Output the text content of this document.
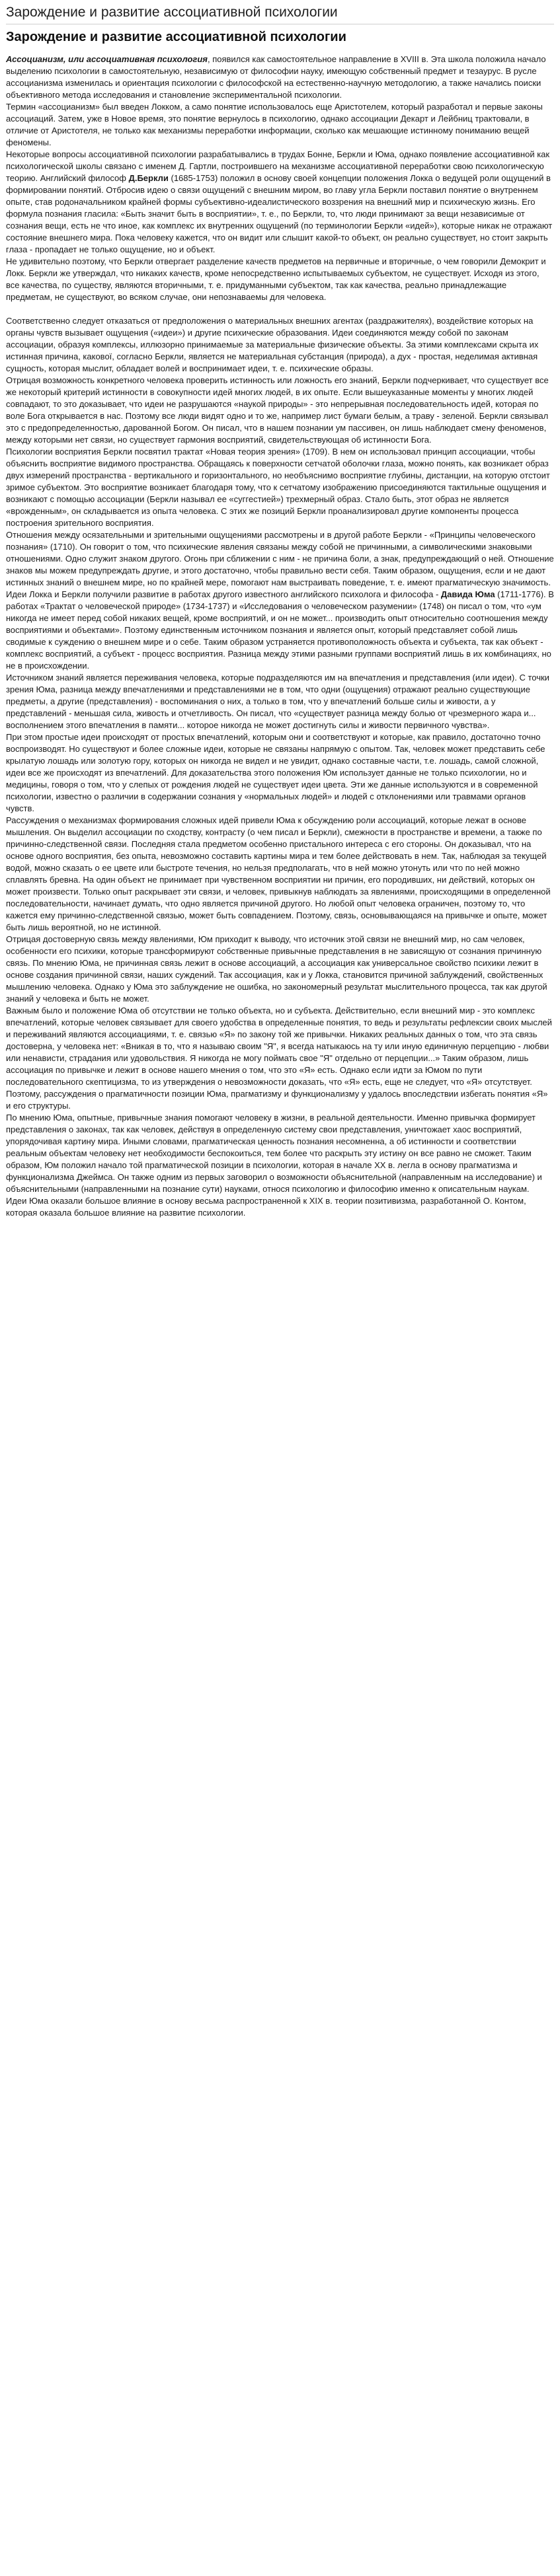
Зарождение и развитие ассоциативной психологии
Зарождение и развитие ассоциативной психологии

Ассоцианизм, или ассоциативная психология, появился как самостоятельное направление в XVIII в. Эта школа положила начало выделению психологии в самостоятельную, независимую от философии науку, имеющую собственный предмет и тезаурус. В русле ассоцианизма изменилась и ориентация психологии с философской на естественно-научную методологию, а также начались поиски объективного метода исследования и становление экспериментальной психологии.

Термин «ассоцианизм» был введен Локком, а само понятие использовалось еще Аристотелем, который разработал и первые законы ассоциаций. Затем, уже в Новое время, это понятие вернулось в психологию, однако ассоциации Декарт и Лейбниц трактовали, в отличие от Аристотеля, не только как механизмы переработки информации, сколько как мешающие истинному пониманию вещей феномены.

Некоторые вопросы ассоциативной психологии разрабатывались в трудах Бонне, Беркли и Юма, однако появление ассоциативной как психологической школы связано с именем Д. Гартли, построившего на механизме ассоциативной переработки свою психологическую теорию. Английский философ Д.Беркли (1685-1753) положил в основу своей концепции положения Локка о ведущей роли ощущений в формировании понятий. Отбросив идею о связи ощущений с внешним миром, во главу угла Беркли поставил понятие о внутреннем опыте, став родоначальником крайней формы субъективно-идеалистического воззрения на внешний мир и психическую жизнь. Его формула познания гласила: «Быть значит быть в восприятии», т. е., по Беркли, то, что люди принимают за вещи независимые от сознания вещи, есть не что иное, как комплекс их внутренних ощущений (по терминологии Беркли «идей»), которые никак не отражают состояние внешнего мира. Пока человеку кажется, что он видит или слышит какой-то объект, он реально существует, но стоит закрыть глаза - пропадает не только ощущение, но и объект.

Не удивительно поэтому, что Беркли отвергает разделение качеств предметов на первичные и вторичные, о чем говорили Демокрит и Локк. Беркли же утверждал, что никаких качеств, кроме непосредственно испытываемых субъектом, не существует. Исходя из этого, все качества, по существу, являются вторичными, т. е. придуманными субъектом, так как качества, реально принадлежащие предметам, не существуют, во всяком случае, они непознаваемы для человека.

Соответственно следует отказаться от предположения о материальных внешних агентах (раздражителях), воздействие которых на органы чувств вызывает ощущения («идеи») и другие психические образования. Идеи соединяются между собой по законам ассоциации, образуя комплексы, иллюзорно принимаемые за материальные физические объекты. За этими комплексами скрыта их истинная причина, какової, согласно Беркли, является не материальная субстанция (природа), а дух - простая, неделимая активная сущность, которая мыслит, обладает волей и воспринимает идеи, т. е. психические образы.

Отрицая возможность конкретного человека проверить истинность или ложность его знаний, Беркли подчеркивает, что существует все же некоторый критерий истинности в совокупности идей многих людей, в их опыте. Если вышеуказанные моменты у многих людей совпадают, то это доказывает, что идеи не разрушаются «наукой природы» - это непрерывная последовательность идей, которая по воле Бога открывается в нас. Поэтому все люди видят одно и то же, например лист бумаги белым, а траву - зеленой. Беркли связывал это с предопределенностью, дарованной Богом. Он писал, что в нашем познании ум пассивен, он лишь наблюдает смену феноменов, между которыми нет связи, но существует гармония восприятий, свидетельствующая об истинности Бога.

Психологии восприятия Беркли посвятил трактат «Новая теория зрения» (1709). В нем он использовал принцип ассоциации, чтобы объяснить восприятие видимого пространства. Обращаясь к поверхности сетчатой оболочки глаза, можно понять, как возникает образ двух измерений пространства - вертикального и горизонтального, но необъяснимо восприятие глубины, дистанции, на которую отстоит зримое субъектом. Это восприятие возникает благодаря тому, что к сетчатому изображению присоединяются тактильные ощущения и возникают с помощью ассоциации (Беркли называл ее «суггестией») трехмерный образ. Стало быть, этот образ не является «врожденным», он складывается из опыта человека. С этих же позиций Беркли проанализировал другие компоненты процесса построения зрительного восприятия.

Отношения между осязательными и зрительными ощущениями рассмотрены и в другой работе Беркли - «Принципы человеческого познания» (1710). Он говорит о том, что психические явления связаны между собой не причинными, а символическими знаковыми отношениями. Одно служит знаком другого. Огонь при сближении с ним - не причина боли, а знак, предупреждающий о ней. Отношение знаков мы можем предупреждать другие, и этого достаточно, чтобы правильно вести себя. Таким образом, ощущения, если и не дают истинных знаний о внешнем мире, но по крайней мере, помогают нам выстраивать поведение, т. е. имеют прагматическую значимость.

Идеи Локка и Беркли получили развитие в работах другого известного английского психолога и философа - Давида Юма (1711-1776). В работах «Трактат о человеческой природе» (1734-1737) и «Исследования о человеческом разумении» (1748) он писал о том, что «ум никогда не имеет перед собой никаких вещей, кроме восприятий, и он не может... производить опыт относительно соотношения между восприятиями и объектами». Поэтому единственным источником познания и является опыт, который представляет собой лишь сводимые к суждению о внешнем мире и о себе. Таким образом устраняется противоположность объекта и субъекта, так как объект - комплекс восприятий, а субъект - процесс восприятия. Разница между этими разными группами восприятий лишь в их комбинациях, но не в происхождении.

Источником знаний является переживания человека, которые подразделяются им на впечатления и представления (или идеи). С точки зрения Юма, разница между впечатлениями и представлениями не в том, что одни (ощущения) отражают реально существующие предметы, а другие (представления) - воспоминания о них, а только в том, что у впечатлений больше силы и живости, а у представлений - меньшая сила, живость и отчетливость. Он писал, что «существует разница между болью от чрезмерного жара и... восполнением этого впечатления в памяти... которое никогда не может достигнуть силы и живости первичного чувства».

При этом простые идеи происходят от простых впечатлений, которым они и соответствуют и которые, как правило, достаточно точно воспроизводят. Но существуют и более сложные идеи, которые не связаны напрямую с опытом. Так, человек может представить себе крылатую лошадь или золотую гору, которых он никогда не видел и не увидит, однако составные части, т.е. лошадь, самой сложной, идеи все же происходят из впечатлений. Для доказательства этого положения Юм использует данные не только психологии, но и медицины, говоря о том, что у слепых от рождения людей не существует идеи цвета. Эти же данные используются и в современной психологии, известно о различии в содержании сознания у «нормальных людей» и людей с отклонениями или травмами органов чувств.

Рассуждения о механизмах формирования сложных идей привели Юма к обсуждению роли ассоциаций, которые лежат в основе мышления. Он выделил ассоциации по сходству, контрасту (о чем писал и Беркли), смежности в пространстве и времени, а также по причинно-следственной связи. Последняя стала предметом особенно пристального интереса с его стороны. Он доказывал, что на основе одного восприятия, без опыта, невозможно составить картины мира и тем более действовать в нем. Так, наблюдая за текущей водой, можно сказать о ее цвете или быстроте течения, но нельзя предполагать, что в ней можно утонуть или что по ней можно сплавлять бревна. На один объект не принимает при чувственном восприятии ни причин, его породивших, ни действий, которых он может произвести. Только опыт раскрывает эти связи, и человек, привыкнув наблюдать за явлениями, происходящими в определенной последовательности, начинает думать, что одно является причиной другого. Но любой опыт человека ограничен, поэтому то, что кажется ему причинно-следственной связью, может быть совпадением. Поэтому, связь, основывающаяся на привычке и опыте, может быть лишь вероятной, но не истинной.

Отрицая достоверную связь между явлениями, Юм приходит к выводу, что источник этой связи не внешний мир, но сам человек, особенности его психики, которые трансформируют собственные привычные представления в не зависящую от сознания причинную связь. По мнению Юма, не причинная связь лежит в основе ассоциаций, а ассоциация как универсальное свойство психики лежит в основе создания причинной связи, наших суждений. Так ассоциация, как и у Локка, становится причиной заблуждений, свойственных мышлению человека. Однако у Юма это заблуждение не ошибка, но закономерный результат мыслительного процесса, так как другой знаний у человека и быть не может.

Важным было и положение Юма об отсутствии не только объекта, но и субъекта. Действительно, если внешний мир - это комплекс впечатлений, которые человек связывает для своего удобства в определенные понятия, то ведь и результаты рефлексии своих мыслей и переживаний являются ассоциациями, т. е. связью «Я» по закону той же привычки. Никаких реальных данных о том, что эта связь достоверна, у человека нет: «Вникая в то, что я называю своим "Я", я всегда натыкаюсь на ту или иную единичную перцепцию - любви или ненависти, страдания или удовольствия. Я никогда не могу поймать свое "Я" отдельно от перцепции...» Таким образом, лишь ассоциация по привычке и лежит в основе нашего мнения о том, что это «Я» есть. Однако если идти за Юмом по пути последовательного скептицизма, то из утверждения о невозможности доказать, что «Я» есть, еще не следует, что «Я» отсутствует. Поэтому, рассуждения о прагматичности позиции Юма, прагматизму и функционализму у удалось впоследствии избегать понятия «Я» и его структуры.

По мнению Юма, опытные, привычные знания помогают человеку в жизни, в реальной деятельности. Именно привычка формирует представления о законах, так как человек, действуя в определенную систему свои представления, уничтожает хаос восприятий, упорядочивая картину мира. Иными словами, прагматическая ценность познания несомненна, а об истинности и соответствии реальным объектам человеку нет необходимости беспокоиться, тем более что раскрыть эту истину он все равно не сможет. Таким образом, Юм положил начало той прагматической позиции в психологии, которая в начале XX в. легла в основу прагматизма и функционализма Джеймса. Он также одним из первых заговорил о возможности объяснительной (направленным на исследование) и объяснительными (направленными на познание сути) науками, относя психологию и философию именно к описательным наукам.

Идеи Юма оказали большое влияние в основу весьма распространенной к XIX в. теории позитивизма, разработанной О. Контом, которая оказала большое влияние на развитие психологии.
